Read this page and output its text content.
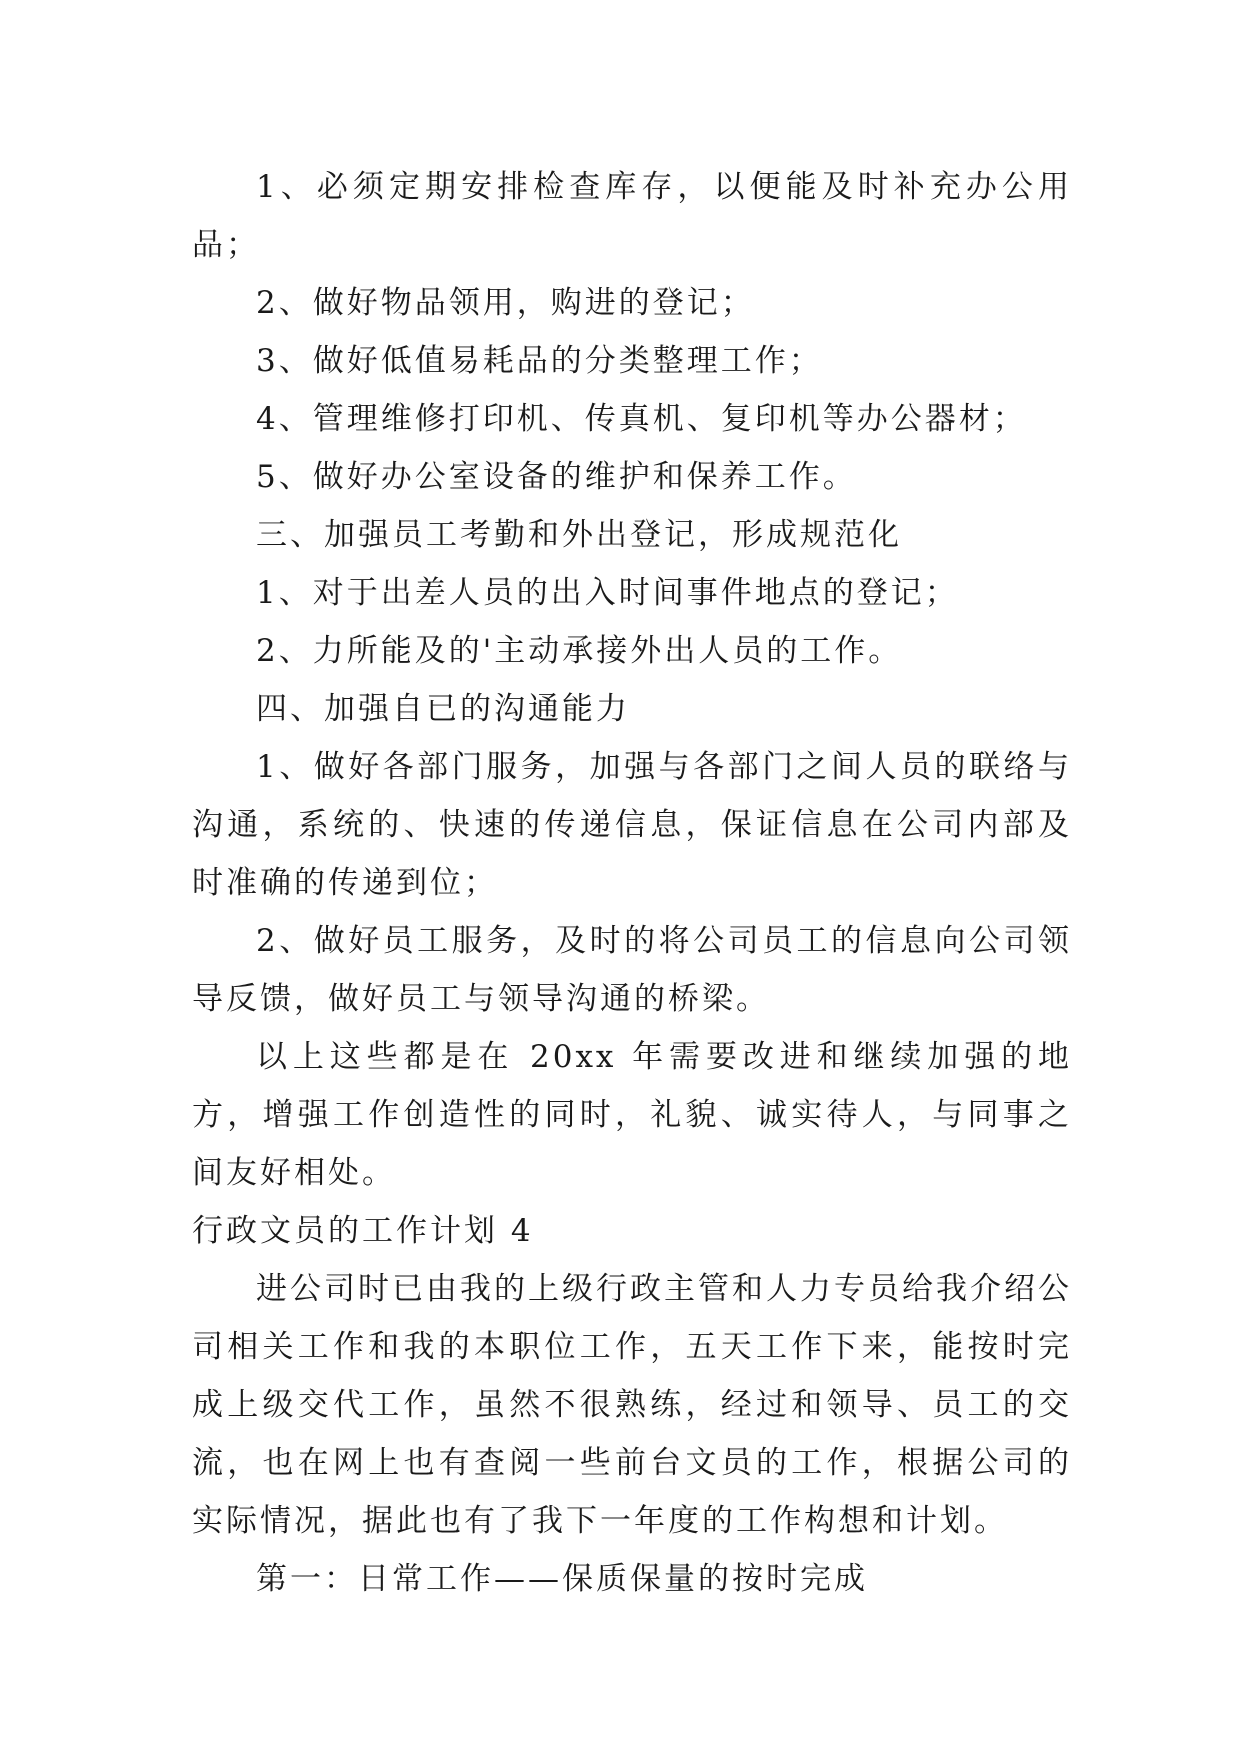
1、必须定期安排检查库存，以便能及时补充办公用品；

2、做好物品领用，购进的登记；

3、做好低值易耗品的分类整理工作；

4、管理维修打印机、传真机、复印机等办公器材；

5、做好办公室设备的维护和保养工作。

三、加强员工考勤和外出登记，形成规范化

1、对于出差人员的出入时间事件地点的登记；

2、力所能及的'主动承接外出人员的工作。

四、加强自已的沟通能力

1、做好各部门服务，加强与各部门之间人员的联络与沟通，系统的、快速的传递信息，保证信息在公司内部及时准确的传递到位；

2、做好员工服务，及时的将公司员工的信息向公司领导反馈，做好员工与领导沟通的桥梁。

以上这些都是在 20xx 年需要改进和继续加强的地方，增强工作创造性的同时，礼貌、诚实待人，与同事之间友好相处。

行政文员的工作计划 4

进公司时已由我的上级行政主管和人力专员给我介绍公司相关工作和我的本职位工作，五天工作下来，能按时完成上级交代工作，虽然不很熟练，经过和领导、员工的交流，也在网上也有查阅一些前台文员的工作，根据公司的实际情况，据此也有了我下一年度的工作构想和计划。

第一：日常工作——保质保量的按时完成
